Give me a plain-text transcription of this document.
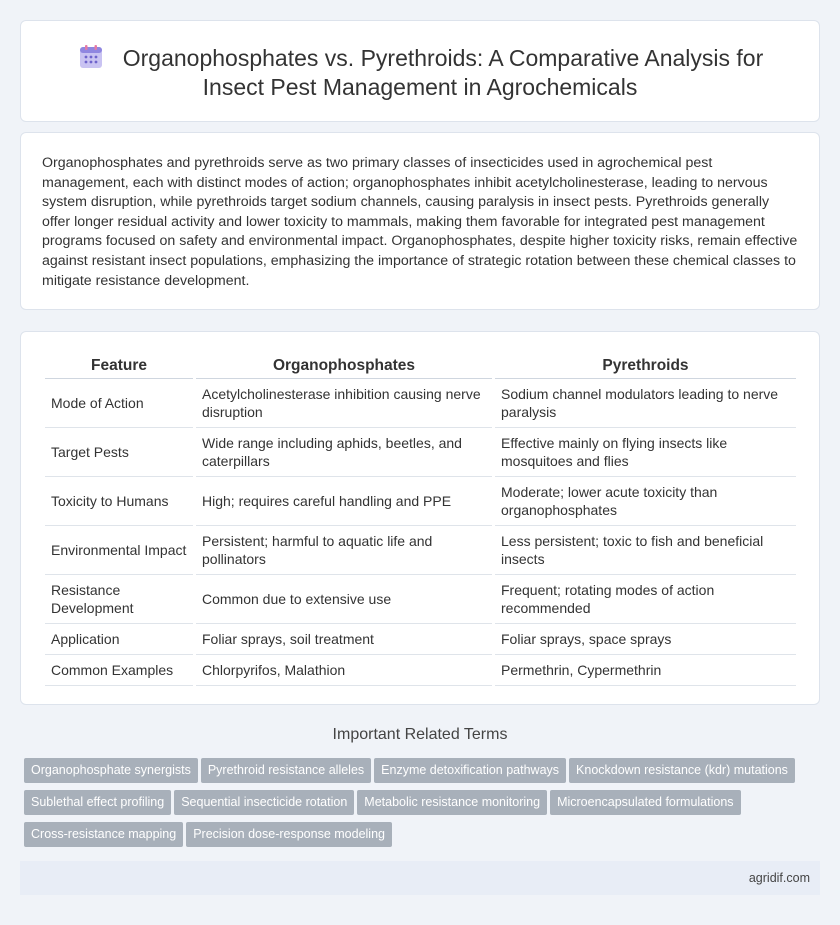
Organophosphates vs. Pyrethroids: A Comparative Analysis for Insect Pest Management in Agrochemicals

Organophosphates and pyrethroids serve as two primary classes of insecticides used in agrochemical pest management, each with distinct modes of action; organophosphates inhibit acetylcholinesterase, leading to nervous system disruption, while pyrethroids target sodium channels, causing paralysis in insect pests. Pyrethroids generally offer longer residual activity and lower toxicity to mammals, making them favorable for integrated pest management programs focused on safety and environmental impact. Organophosphates, despite higher toxicity risks, remain effective against resistant insect populations, emphasizing the importance of strategic rotation between these chemical classes to mitigate resistance development.

Feature	Organophosphates	Pyrethroids
Mode of Action	Acetylcholinesterase inhibition causing nerve disruption	Sodium channel modulators leading to nerve paralysis
Target Pests	Wide range including aphids, beetles, and caterpillars	Effective mainly on flying insects like mosquitoes and flies
Toxicity to Humans	High; requires careful handling and PPE	Moderate; lower acute toxicity than organophosphates
Environmental Impact	Persistent; harmful to aquatic life and pollinators	Less persistent; toxic to fish and beneficial insects
Resistance Development	Common due to extensive use	Frequent; rotating modes of action recommended
Application	Foliar sprays, soil treatment	Foliar sprays, space sprays
Common Examples	Chlorpyrifos, Malathion	Permethrin, Cypermethrin
Important Related Terms
Organophosphate synergists Pyrethroid resistance alleles Enzyme detoxification pathways Knockdown resistance (kdr) mutations
Sublethal effect profiling Sequential insecticide rotation Metabolic resistance monitoring Microencapsulated formulations
Cross-resistance mapping Precision dose-response modeling
agridif.com
